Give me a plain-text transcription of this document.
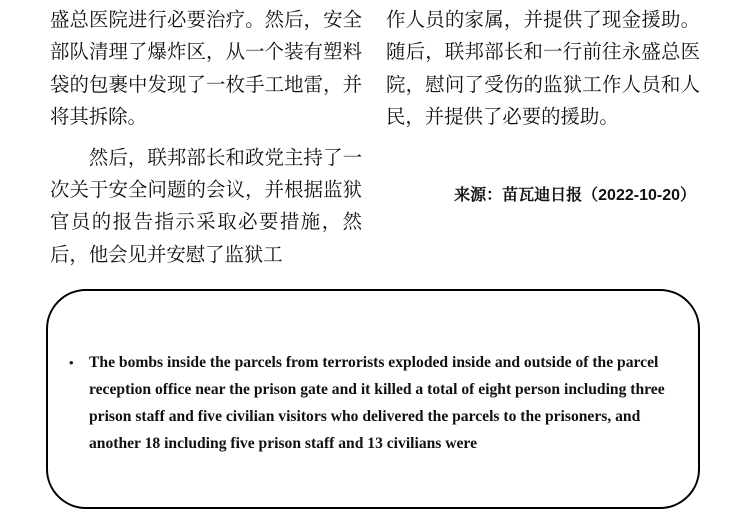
盛总医院进行必要治疗。然后，安全部队清理了爆炸区，从一个装有塑料袋的包裹中发现了一枚手工地雷，并将其拆除。

然后，联邦部长和政党主持了一次关于安全问题的会议，并根据监狱官员的报告指示采取必要措施，然后，他会见并安慰了监狱工

作人员的家属，并提供了现金援助。随后，联邦部长和一行前往永盛总医院，慰问了受伤的监狱工作人员和人民，并提供了必要的援助。

来源：苗瓦迪日报（2022-10-20）
• The bombs inside the parcels from terrorists exploded inside and outside of the parcel reception office near the prison gate and it killed a total of eight person including three prison staff and five civilian visitors who delivered the parcels to the prisoners, and another 18 including five prison staff and 13 civilians were
